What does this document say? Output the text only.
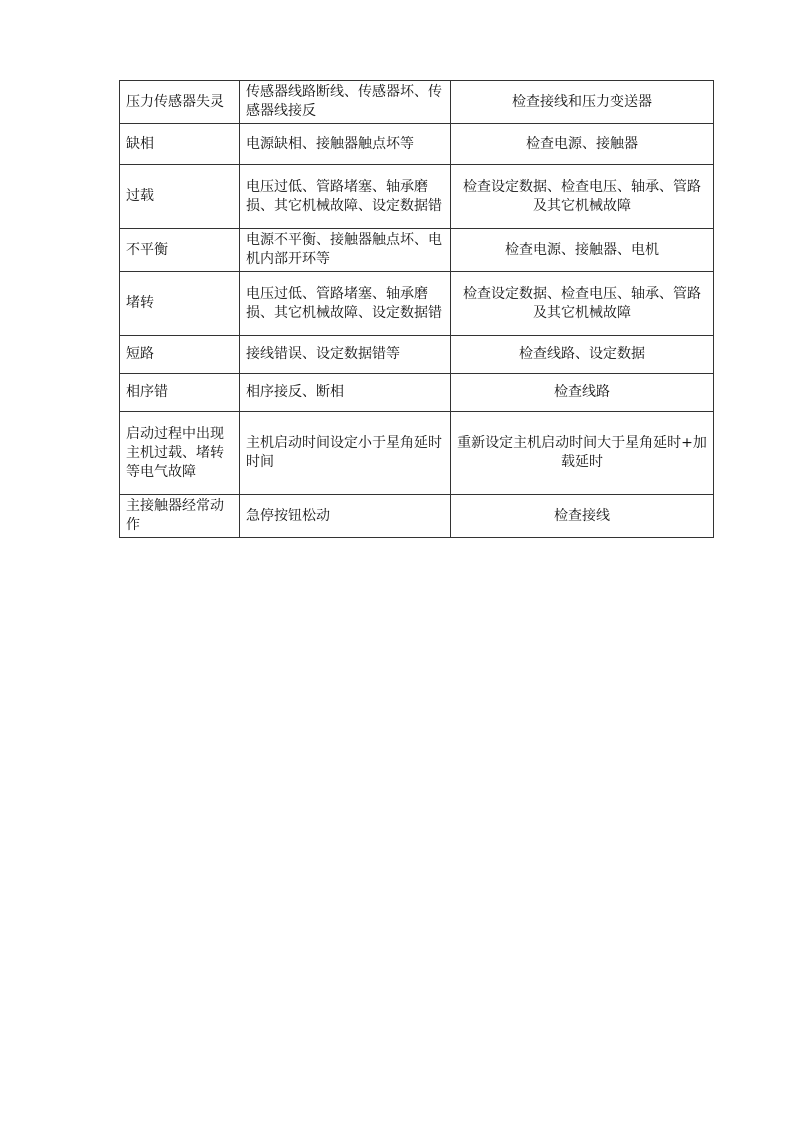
压力传感器失灵	传感器线路断线、传感器坏、传感器线接反	检查接线和压力变送器
缺相	电源缺相、接触器触点坏等	检查电源、接触器
过载	电压过低、管路堵塞、轴承磨损、其它机械故障、设定数据错	检查设定数据、检查电压、轴承、管路及其它机械故障
不平衡	电源不平衡、接触器触点坏、电机内部开环等	检查电源、接触器、电机
堵转	电压过低、管路堵塞、轴承磨损、其它机械故障、设定数据错	检查设定数据、检查电压、轴承、管路及其它机械故障
短路	接线错误、设定数据错等	检查线路、设定数据
相序错	相序接反、断相	检查线路
启动过程中出现主机过载、堵转等电气故障	主机启动时间设定小于星角延时时间	重新设定主机启动时间大于星角延时+加载延时
主接触器经常动作	急停按钮松动	检查接线
